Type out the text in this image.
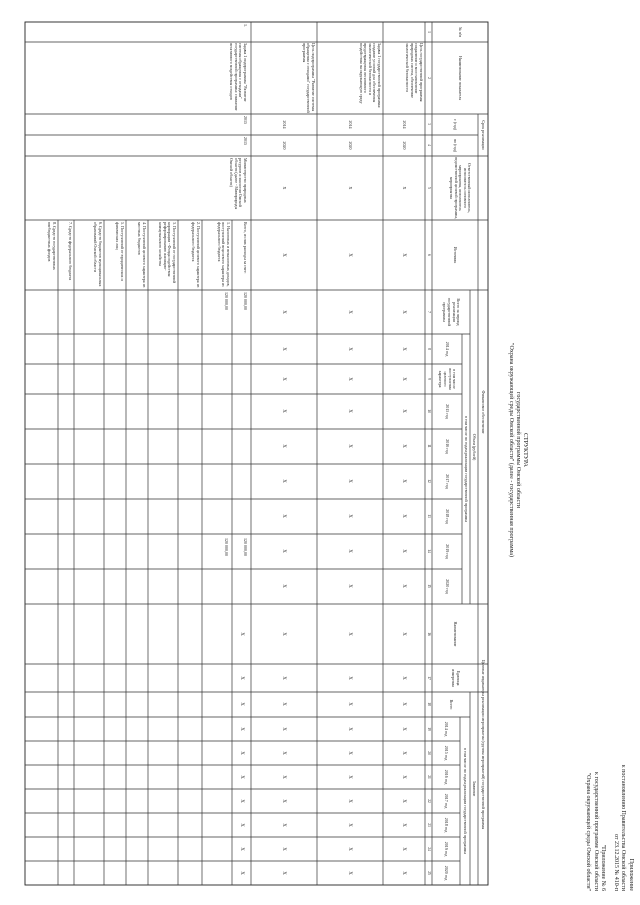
Приложение
к постановлению Правительства Омской области
от 23.12.2015 № 410-п
"Приложение № 6
к государственной программе Омской области
"Охрана окружающей среды Омской области"
СТРУКТУРА
государственной программы Омской области
"Охрана окружающей среды Омской области" (далее - государственная программа)
№ п/п
Наименование показателя
Срок реализации
с (год)
по (год)
Ответственный исполнитель, исполнитель основного мероприятия, исполнитель ведомственной целевой программы, мероприятия
Финансовое обеспечение
Источник
Объем (рублей)
Всего за период реализации государственной программы
в том числе по годам реализации государственной программы
2014 год
в том числе поступления целевого характера
2015 год
2016 год
2017 год
2018 год
2019 год
2020 год
Целевые индикаторы реализации мероприятия (группы мероприятий) государственной программы
Наименование
Единица измерения
Значение
Всего
в том числе по годам реализации государственной программы
2014 год
2015 год
2016 год
2017 год
2018 год
2019 год
2020 год
1
2
3
4
5
6
7
8
9
10
11
12
13
14
15
16
17
18
19
20
21
22
23
24
25
Цель государственной программы: сохранение и восстановление природных систем, обеспечение экологической безопасности
2014
2020
X
Задача 1 государственной программы: создание условий для обеспечения экологической безопасности и предотвращения негативного воздействия на окружающую среду
2014
2020
X
Цель подпрограммы "Развитие системы обращения с отходами" государственной программы
2014
2020
X
1.
Задача 1 подпрограммы "Развитие системы обращения с отходами" государственной программы: снижение негативного воздействия отходов
2015
2015
Министерство природных ресурсов и экологии Омской области (далее - Минприроды Омской области)
Всего, из них расходы за счет:
1. Налоговых и неналоговых доходов, поступлений нецелевого характера из федерального бюджета
2. Поступлений целевого характера из федерального бюджета
3. Поступлений от государственной корпорации - Фонда содействия реформированию жилищно-коммунального хозяйства
4. Поступлений целевого характера из местных бюджетов
5. Поступлений от юридических и физических лиц
6. Средств бюджетов муниципальных образований Омской области
7. Средств федерального бюджета
8. Средств государственных внебюджетных фондов
120 000,00
120 000,00
120 000,00
120 000,00
X
X
X
X
X
X
X
X
X
X
X
X
X
X
X
X
X
X
X
X
X
X
X
X
X
X
X
X
X
X
X
X
X
X
X
X
X
X
X
X
X
X
X
X
X
X
X
X
X
X
X
X
X
X
X
X
X
X
X
X
X
X
X
X
X
X
X
X
X
X
